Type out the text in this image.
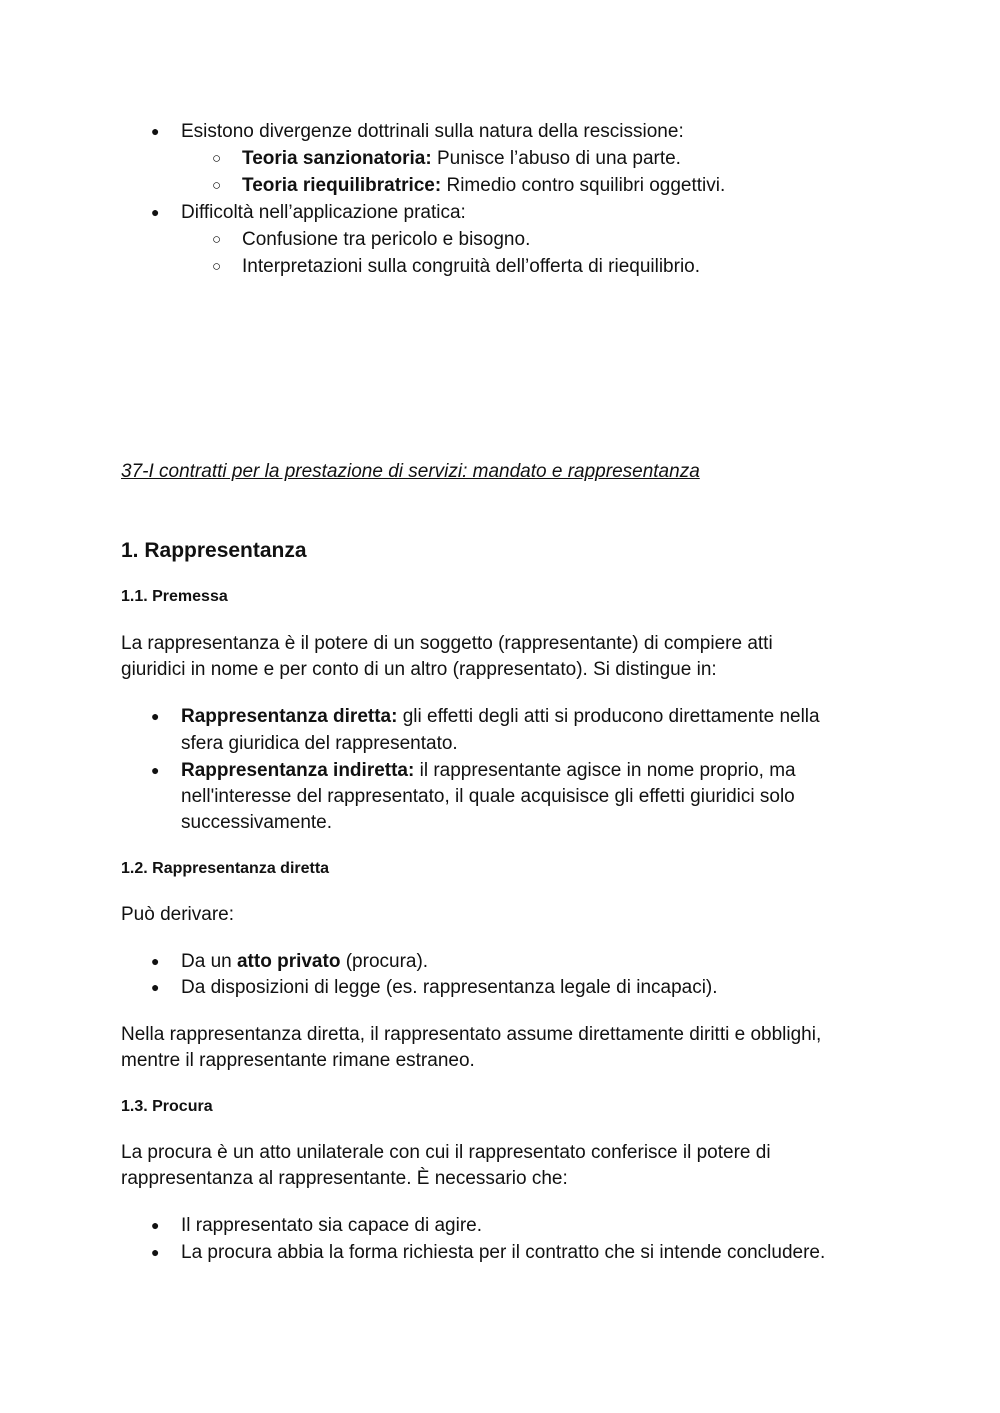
● Esistono divergenze dottrinali sulla natura della rescissione:
○ Teoria sanzionatoria: Punisce l’abuso di una parte.
○ Teoria riequilibratrice: Rimedio contro squilibri oggettivi.
● Difficoltà nell’applicazione pratica:
○ Confusione tra pericolo e bisogno.
○ Interpretazioni sulla congruità dell’offerta di riequilibrio.
37-I contratti per la prestazione di servizi: mandato e rappresentanza
1. Rappresentanza
1.1. Premessa
La rappresentanza è il potere di un soggetto (rappresentante) di compiere atti
giuridici in nome e per conto di un altro (rappresentato). Si distingue in:
● Rappresentanza diretta: gli effetti degli atti si producono direttamente nella
sfera giuridica del rappresentato.
● Rappresentanza indiretta: il rappresentante agisce in nome proprio, ma
nell'interesse del rappresentato, il quale acquisisce gli effetti giuridici solo
successivamente.
1.2. Rappresentanza diretta
Può derivare:
● Da un atto privato (procura).
● Da disposizioni di legge (es. rappresentanza legale di incapaci).
Nella rappresentanza diretta, il rappresentato assume direttamente diritti e obblighi,
mentre il rappresentante rimane estraneo.
1.3. Procura
La procura è un atto unilaterale con cui il rappresentato conferisce il potere di
rappresentanza al rappresentante. È necessario che:
● Il rappresentato sia capace di agire.
● La procura abbia la forma richiesta per il contratto che si intende concludere.
